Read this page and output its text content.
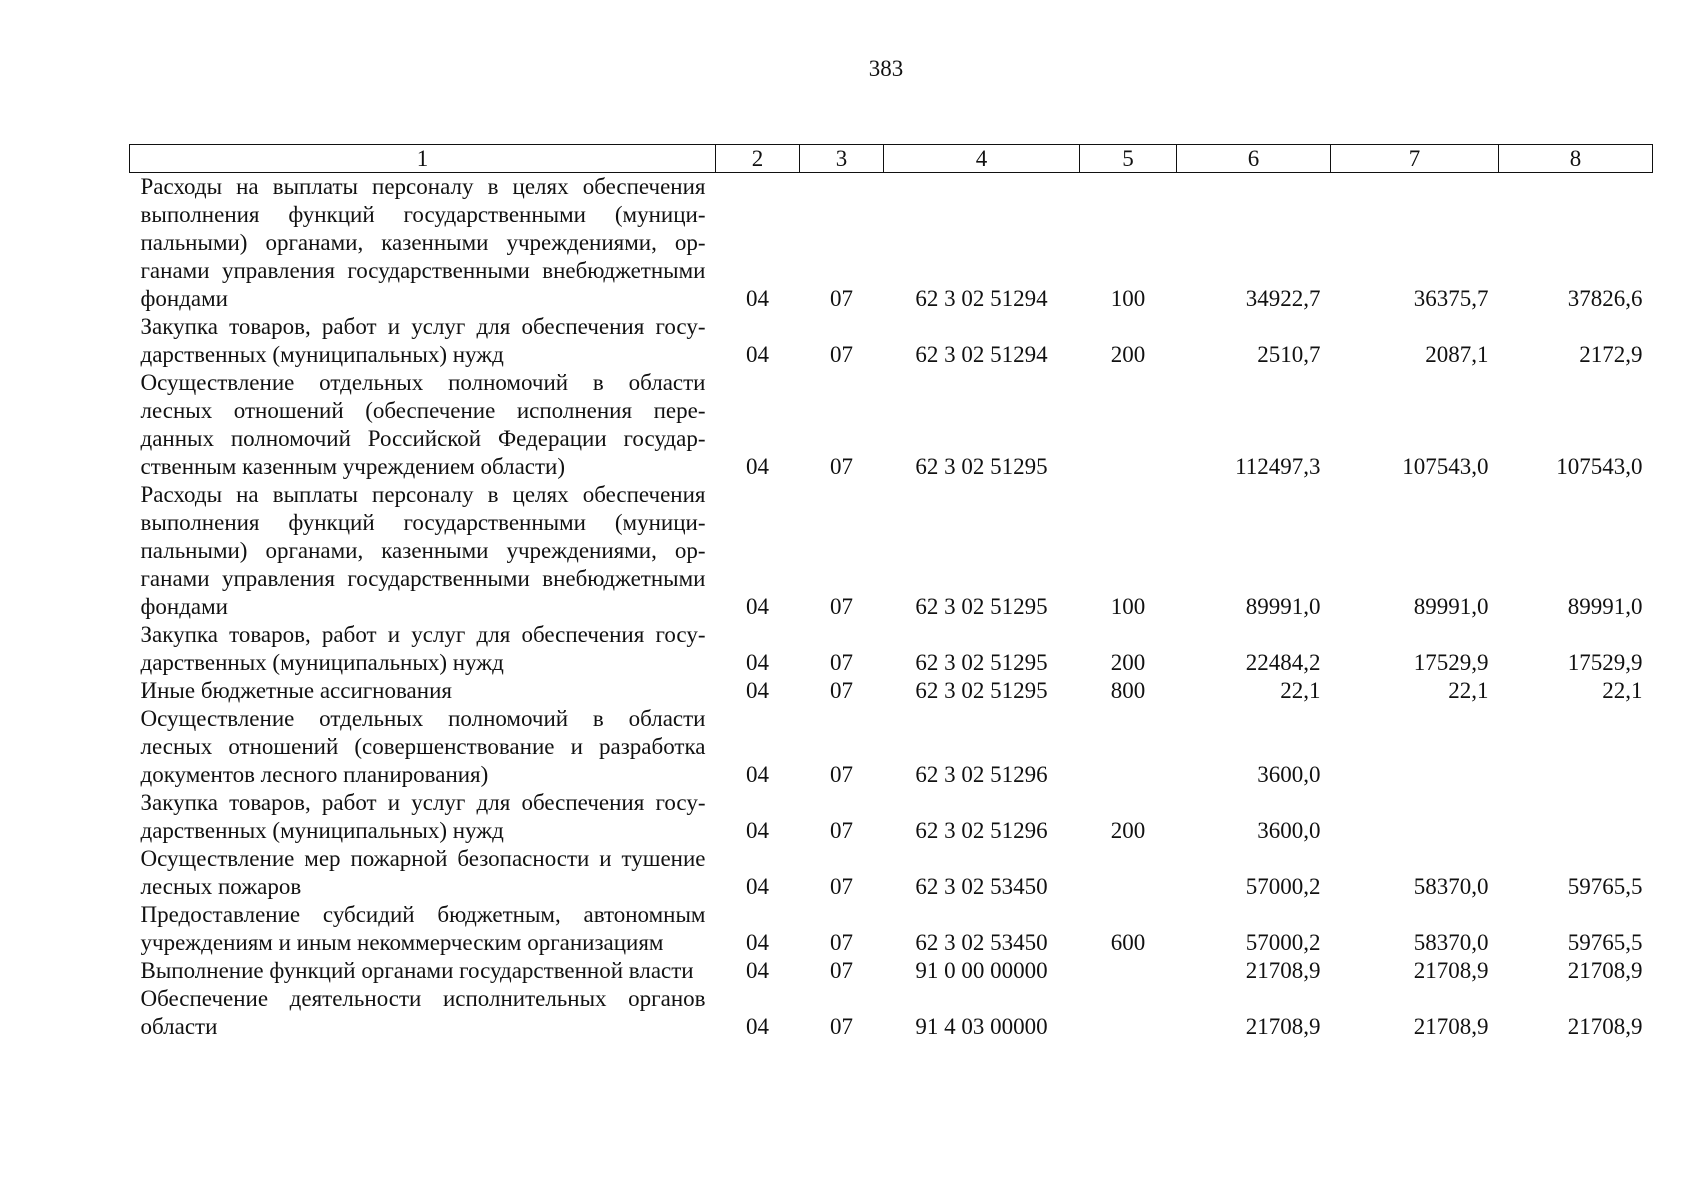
383
1	2	3	4	5	6	7	8
Расходы на выплаты персоналу в целях обеспечения выполнения функций государственными (муниципальными) органами, казенными учреждениями, органами управления государственными внебюджетными фондами	04	07	62 3 02 51294	100	34922,7	36375,7	37826,6
Закупка товаров, работ и услуг для обеспечения государственных (муниципальных) нужд	04	07	62 3 02 51294	200	2510,7	2087,1	2172,9
Осуществление отдельных полномочий в области лесных отношений (обеспечение исполнения переданных полномочий Российской Федерации государственным казенным учреждением области)	04	07	62 3 02 51295		112497,3	107543,0	107543,0
Расходы на выплаты персоналу в целях обеспечения выполнения функций государственными (муниципальными) органами, казенными учреждениями, органами управления государственными внебюджетными фондами	04	07	62 3 02 51295	100	89991,0	89991,0	89991,0
Закупка товаров, работ и услуг для обеспечения государственных (муниципальных) нужд	04	07	62 3 02 51295	200	22484,2	17529,9	17529,9
Иные бюджетные ассигнования	04	07	62 3 02 51295	800	22,1	22,1	22,1
Осуществление отдельных полномочий в области лесных отношений (совершенствование и разработка документов лесного планирования)	04	07	62 3 02 51296		3600,0		
Закупка товаров, работ и услуг для обеспечения государственных (муниципальных) нужд	04	07	62 3 02 51296	200	3600,0		
Осуществление мер пожарной безопасности и тушение лесных пожаров	04	07	62 3 02 53450		57000,2	58370,0	59765,5
Предоставление субсидий бюджетным, автономным учреждениям и иным некоммерческим организациям	04	07	62 3 02 53450	600	57000,2	58370,0	59765,5
Выполнение функций органами государственной власти	04	07	91 0 00 00000		21708,9	21708,9	21708,9
Обеспечение деятельности исполнительных органов области	04	07	91 4 03 00000		21708,9	21708,9	21708,9
